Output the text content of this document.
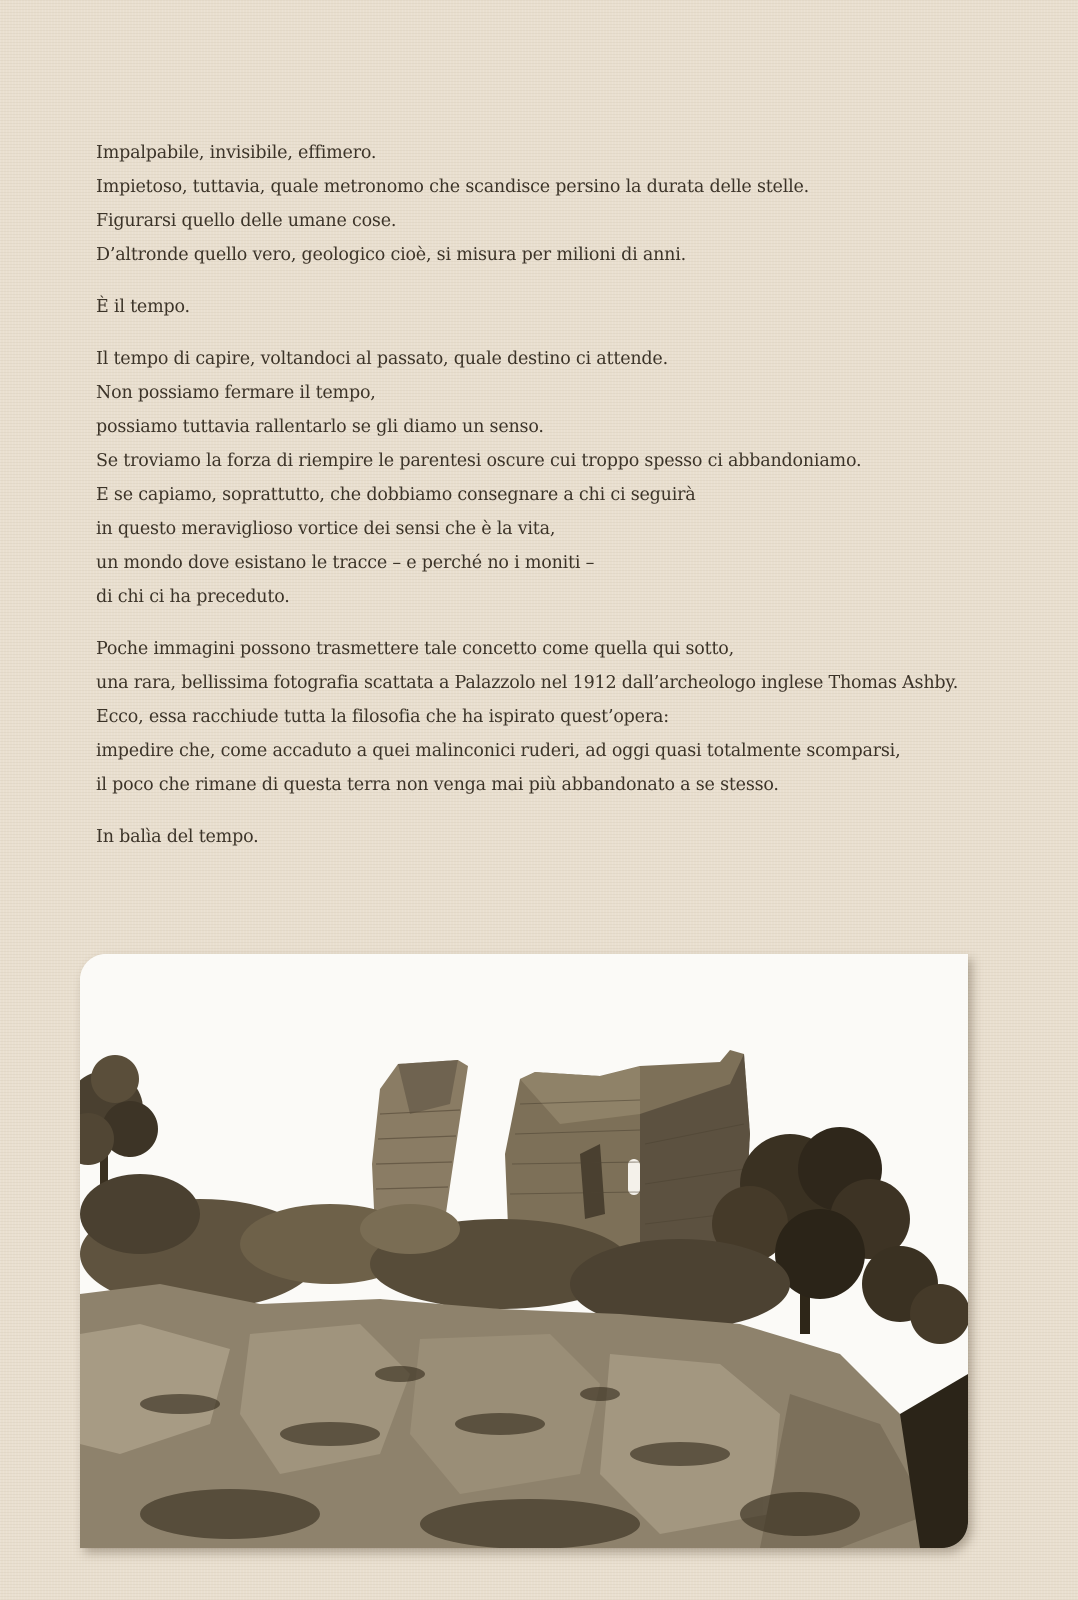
Impalpabile, invisibile, effimero.
Impietoso, tuttavia, quale metronomo che scandisce persino la durata delle stelle.
Figurarsi quello delle umane cose.
D’altronde quello vero, geologico cioè, si misura per milioni di anni.

È il tempo.

Il tempo di capire, voltandoci al passato, quale destino ci attende.
Non possiamo fermare il tempo,
possiamo tuttavia rallentarlo se gli diamo un senso.
Se troviamo la forza di riempire le parentesi oscure cui troppo spesso ci abbandoniamo.
E se capiamo, soprattutto, che dobbiamo consegnare a chi ci seguirà
in questo meraviglioso vortice dei sensi che è la vita,
un mondo dove esistano le tracce – e perché no i moniti –
di chi ci ha preceduto.

Poche immagini possono trasmettere tale concetto come quella qui sotto,
una rara, bellissima fotografia scattata a Palazzolo nel 1912 dall’archeologo inglese Thomas Ashby.
Ecco, essa racchiude tutta la filosofia che ha ispirato quest’opera:
impedire che, come accaduto a quei malinconici ruderi, ad oggi quasi totalmente scomparsi,
il poco che rimane di questa terra non venga mai più abbandonato a se stesso.

In balìa del tempo.
